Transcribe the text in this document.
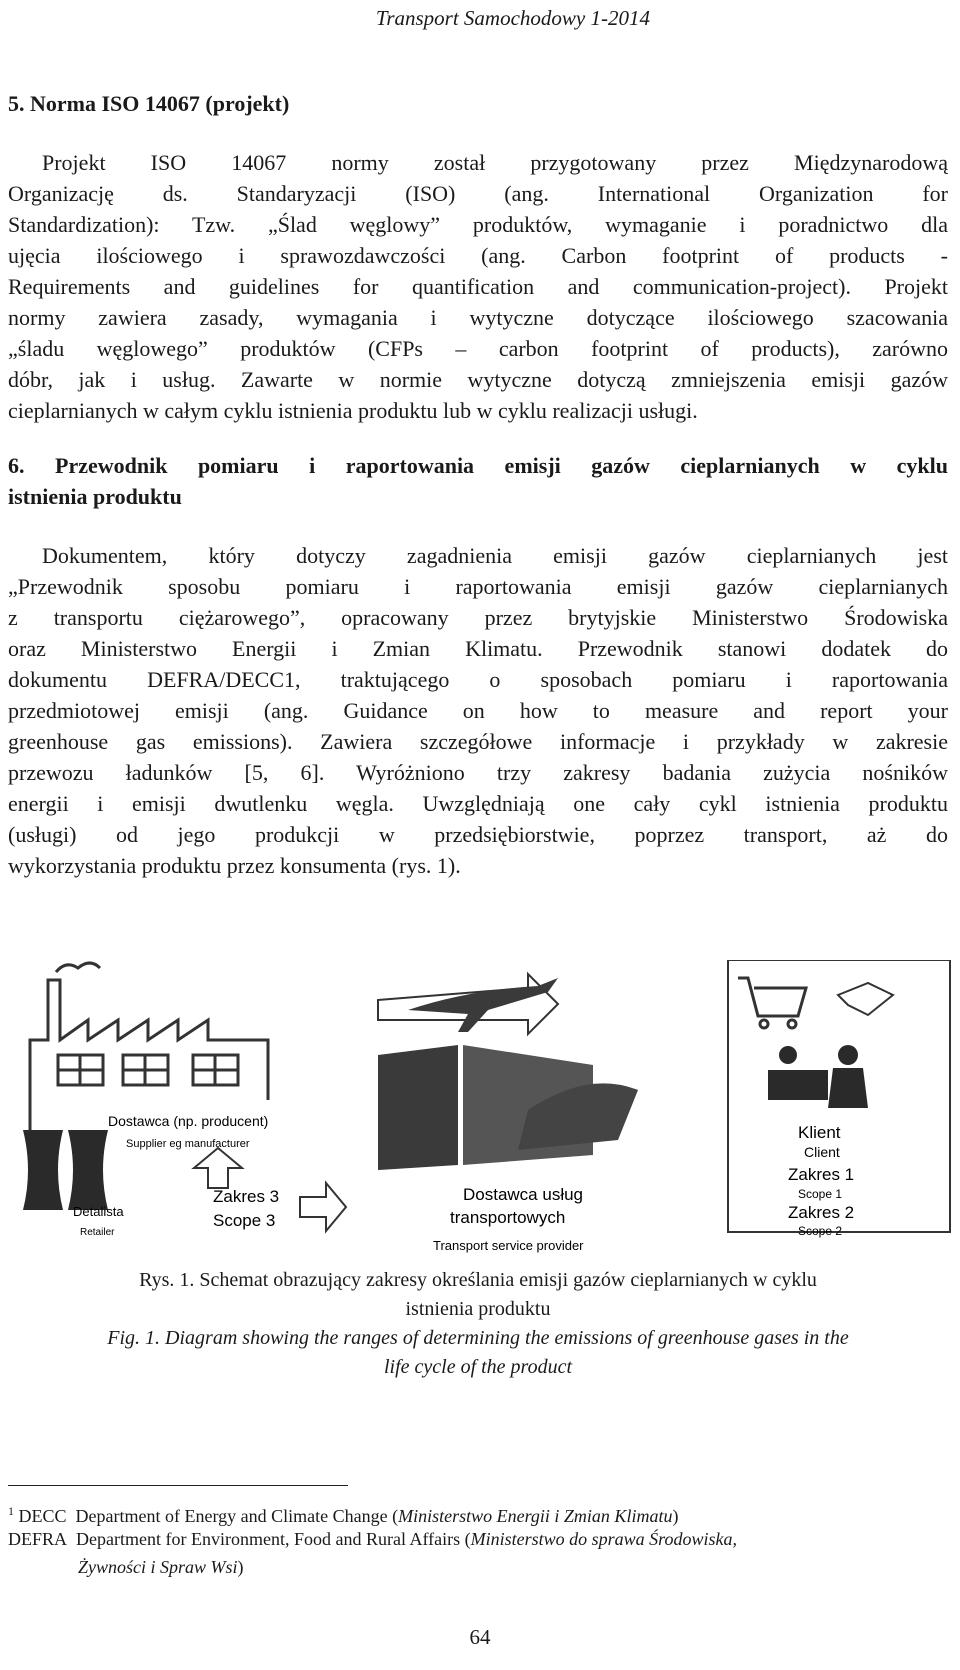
Transport Samochodowy 1-2014
5. Norma ISO 14067 (projekt)
Projekt ISO 14067 normy został przygotowany przez Międzynarodową
Organizację ds. Standaryzacji (ISO) (ang. International Organization for
Standardization): Tzw. „Ślad węglowy” produktów, wymaganie i poradnictwo dla
ujęcia ilościowego i sprawozdawczości (ang. Carbon footprint of products -
Requirements and guidelines for quantification and communication-project). Projekt
normy zawiera zasady, wymagania i wytyczne dotyczące ilościowego szacowania
„śladu węglowego” produktów (CFPs – carbon footprint of products), zarówno
dóbr, jak i usług. Zawarte w normie wytyczne dotyczą zmniejszenia emisji gazów
cieplarnianych w całym cyklu istnienia produktu lub w cyklu realizacji usługi.
6. Przewodnik pomiaru i raportowania emisji gazów cieplarnianych w cyklu
istnienia produktu
Dokumentem, który dotyczy zagadnienia emisji gazów cieplarnianych jest
„Przewodnik sposobu pomiaru i raportowania emisji gazów cieplarnianych
z transportu ciężarowego”, opracowany przez brytyjskie Ministerstwo Środowiska
oraz Ministerstwo Energii i Zmian Klimatu. Przewodnik stanowi dodatek do
dokumentu DEFRA/DECC1, traktującego o sposobach pomiaru i raportowania
przedmiotowej emisji (ang. Guidance on how to measure and report your
greenhouse gas emissions). Zawiera szczegółowe informacje i przykłady w zakresie
przewozu ładunków [5, 6]. Wyróżniono trzy zakresy badania zużycia nośników
energii i emisji dwutlenku węgla. Uwzględniają one cały cykl istnienia produktu
(usługi) od jego produkcji w przedsiębiorstwie, poprzez transport, aż do
wykorzystania produktu przez konsumenta (rys. 1).
Dostawca (np. producent)
Supplier eg manufacturer
Zakres 3
Scope 3
Detalista
Retailer
Dostawca usług
transportowych
Transport service provider
Klient
Client
Zakres 1
Scope 1
Zakres 2
Scope 2
Rys. 1. Schemat obrazujący zakresy określania emisji gazów cieplarnianych w cyklu
istnienia produktu
Fig. 1. Diagram showing the ranges of determining the emissions of greenhouse gases in the
life cycle of the product
$^1$ DECC Department of Energy and Climate Change (Ministerstwo Energii i Zmian Klimatu)
DEFRA Department for Environment, Food and Rural Affairs (Ministerstwo do sprawa Środowiska,
Żywności i Spraw Wsi)
64
